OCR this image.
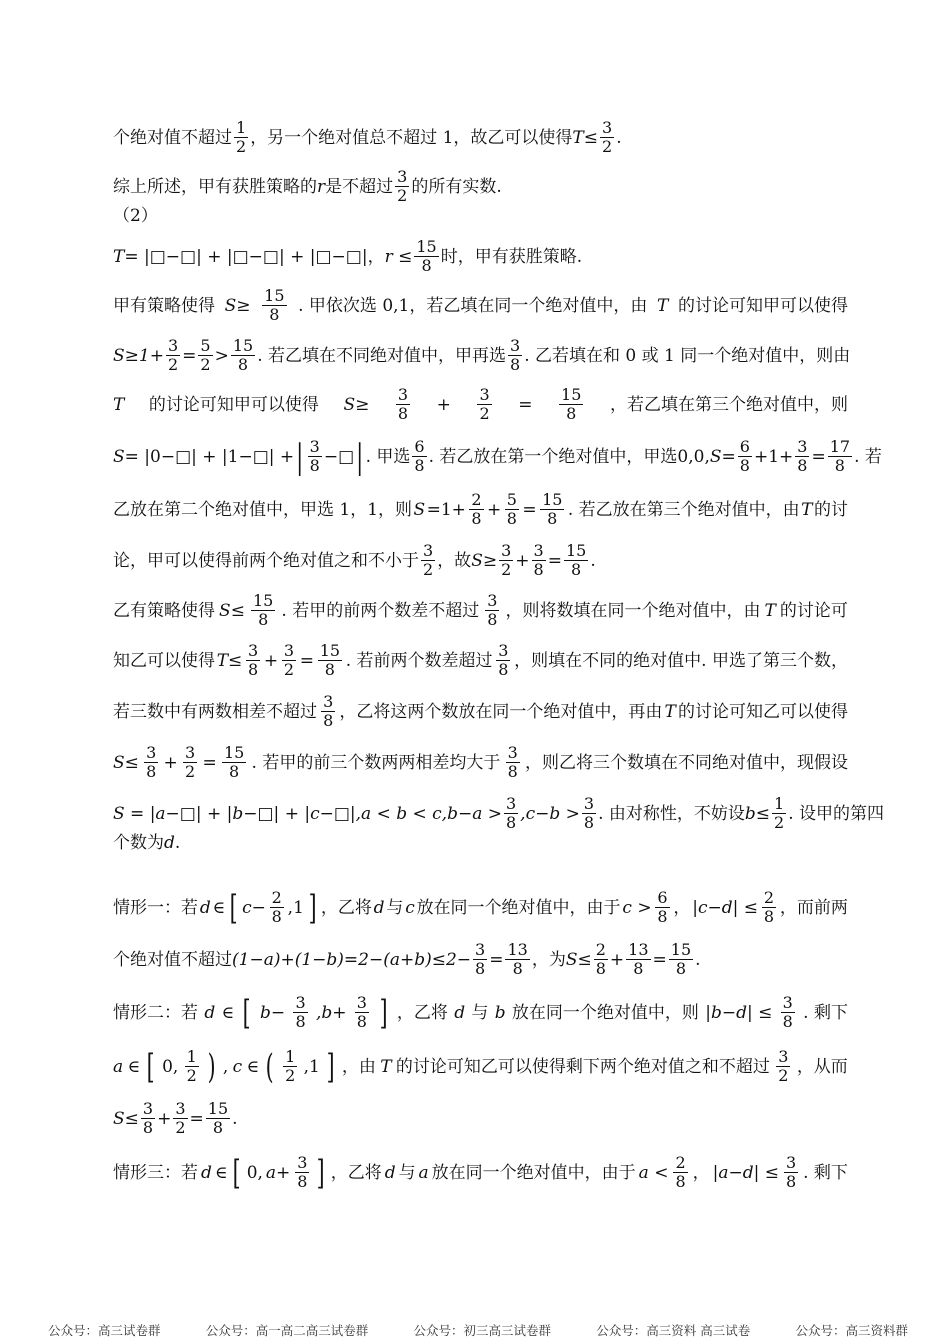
个绝对值不超过 $\frac{1}{2}$ ，另一个绝对值总不超过 1，故乙可以使得 $T\le \frac{3}{2}$ .
综上所述，甲有获胜策略的 r 是不超过 $\frac{3}{2}$ 的所有实数.
（2）
T = |□−□| + |□−□| + |□−□|， $r \le \frac{15}{8}$ 时，甲有获胜策略.
甲有策略使得 $S\ge \frac{15}{8}$ . 甲依次选 0,1，若乙填在同一个绝对值中，由 T 的讨论可知甲可以使得
$S\ge 1+ \frac{3}{2} = \frac{5}{2} > \frac{15}{8}$ . 若乙填在不同绝对值中，甲再选 $\frac{3}{8}$ . 乙若填在和 0 或 1 同一个绝对值中，则由
T 的讨论可知甲可以使得 $S\ge \frac{3}{8} + \frac{3}{2} = \frac{15}{8}$ ，若乙填在第三个绝对值中，则
S = |0−□| + |1−□| + | $\frac{3}{8}$ −□ | . 甲选 $\frac{6}{8}$ . 若乙放在第一个绝对值中，甲选0,0, $S = \frac{6}{8} +1+ \frac{3}{8} = \frac{17}{8}$ . 若
乙放在第二个绝对值中，甲选 1，1，则 $S =1+ \frac{2}{8} + \frac{5}{8} = \frac{15}{8}$ . 若乙放在第三个绝对值中，由 T 的讨
论，甲可以使得前两个绝对值之和不小于 $\frac{3}{2}$ ，故 $S\ge \frac{3}{2} + \frac{3}{8} = \frac{15}{8}$ .
乙有策略使得 $S\le \frac{15}{8}$ . 若甲的前两个数差不超过 $\frac{3}{8}$ ，则将数填在同一个绝对值中，由 T 的讨论可
知乙可以使得 $T\le \frac{3}{8} + \frac{3}{2} = \frac{15}{8}$ . 若前两个数差超过 $\frac{3}{8}$ ，则填在不同的绝对值中. 甲选了第三个数，
若三数中有两数相差不超过 $\frac{3}{8}$ ，乙将这两个数放在同一个绝对值中，再由 T 的讨论可知乙可以使得
$S\le \frac{3}{8} + \frac{3}{2} = \frac{15}{8}$ . 若甲的前三个数两两相差均大于 $\frac{3}{8}$ ，则乙将三个数填在不同绝对值中，现假设
S = |a−□| + |b−□| + |c−□|,a < $b < c,b-a > \frac{3}{8} ,c-b > \frac{3}{8}$ . 由对称性，不妨设 $b\le \frac{1}{2}$ . 设甲的第四
个数为 d .
情形一：若 d ∈ [ $c- \frac{2}{8} ,1$ ] ，乙将 d 与 c 放在同一个绝对值中，由于 $c > \frac{6}{8}$ ， $|c-d| \le \frac{2}{8}$ ，而前两
个绝对值不超过 $(1-a)+(1-b)=2-(a+b)\le 2- \frac{3}{8} = \frac{13}{8}$ ，为 $S\le \frac{2}{8} + \frac{13}{8} = \frac{15}{8}$ .
情形二：若 d ∈ [ $b- \frac{3}{8} ,b+ \frac{3}{8}$ ] ，乙将 d 与 b 放在同一个绝对值中，则 $|b-d| \le \frac{3}{8}$ . 剩下
a ∈ [ 0, $\frac{1}{2}$ ) , c ∈ ( $\frac{1}{2} ,1$ ] ，由 T 的讨论可知乙可以使得剩下两个绝对值之和不超过 $\frac{3}{2}$ ，从而
$S\le \frac{3}{8} + \frac{3}{2} = \frac{15}{8}$ .
情形三：若 d ∈ [ 0, $a+ \frac{3}{8}$ ] ，乙将 d 与 a 放在同一个绝对值中，由于 $a < \frac{2}{8}$ ， $|a-d| \le \frac{3}{8}$ . 剩下
公众号：高三试卷群	公众号：高一高二高三试卷群	公众号：初三高三试卷群	公众号：高三资料 高三试卷	公众号：高三资料群
